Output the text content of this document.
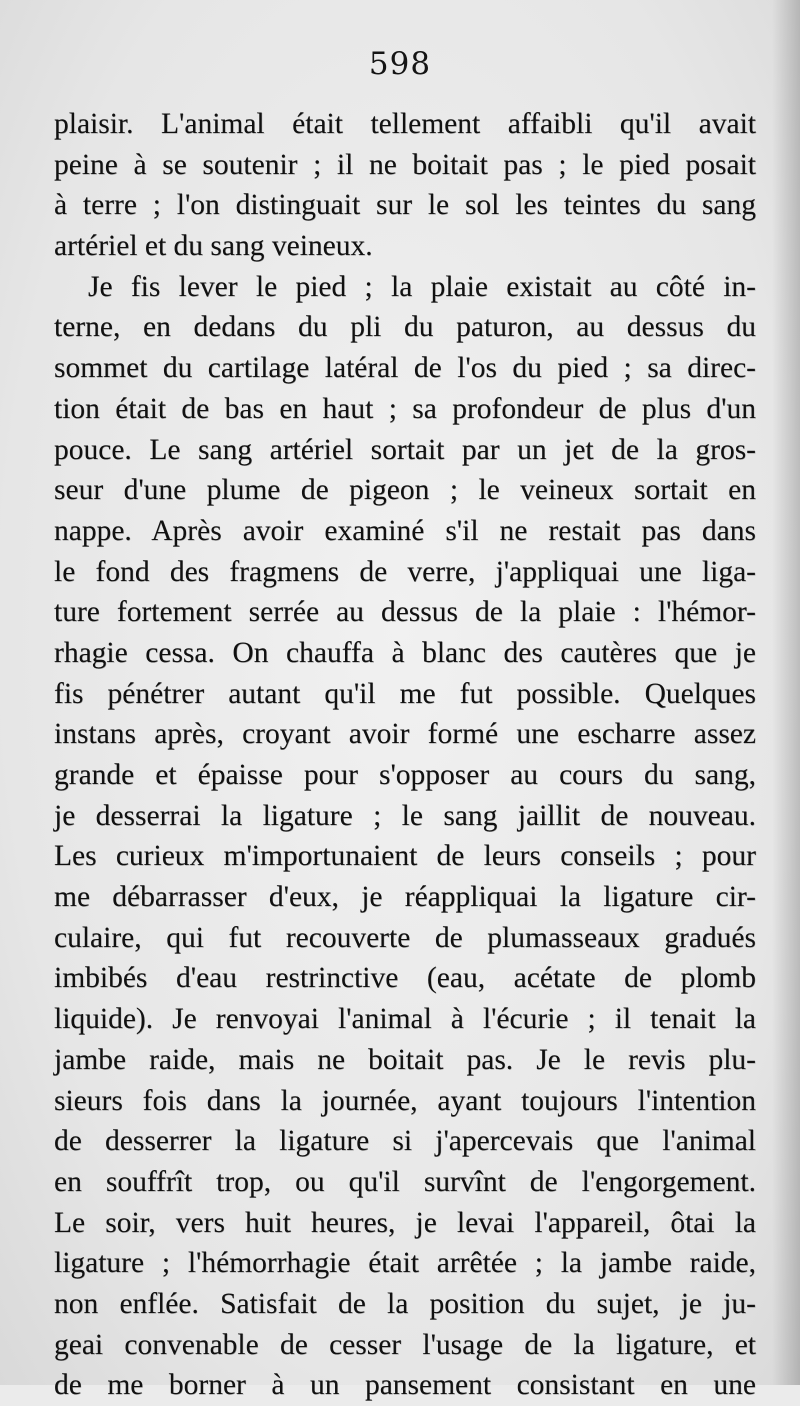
598
plaisir. L'animal était tellement affaibli qu'il avait
peine à se soutenir ; il ne boitait pas ; le pied posait
à terre ; l'on distinguait sur le sol les teintes du sang
artériel et du sang veineux.
Je fis lever le pied ; la plaie existait au côté in-
terne, en dedans du pli du paturon, au dessus du
sommet du cartilage latéral de l'os du pied ; sa direc-
tion était de bas en haut ; sa profondeur de plus d'un
pouce. Le sang artériel sortait par un jet de la gros-
seur d'une plume de pigeon ; le veineux sortait en
nappe. Après avoir examiné s'il ne restait pas dans
le fond des fragmens de verre, j'appliquai une liga-
ture fortement serrée au dessus de la plaie : l'hémor-
rhagie cessa. On chauffa à blanc des cautères que je
fis pénétrer autant qu'il me fut possible. Quelques
instans après, croyant avoir formé une escharre assez
grande et épaisse pour s'opposer au cours du sang,
je desserrai la ligature ; le sang jaillit de nouveau.
Les curieux m'importunaient de leurs conseils ; pour
me débarrasser d'eux, je réappliquai la ligature cir-
culaire, qui fut recouverte de plumasseaux gradués
imbibés d'eau restrinctive (eau, acétate de plomb
liquide). Je renvoyai l'animal à l'écurie ; il tenait la
jambe raide, mais ne boitait pas. Je le revis plu-
sieurs fois dans la journée, ayant toujours l'intention
de desserrer la ligature si j'apercevais que l'animal
en souffrît trop, ou qu'il survînt de l'engorgement.
Le soir, vers huit heures, je levai l'appareil, ôtai la
ligature ; l'hémorrhagie était arrêtée ; la jambe raide,
non enflée. Satisfait de la position du sujet, je ju-
geai convenable de cesser l'usage de la ligature, et
de me borner à un pansement consistant en une
